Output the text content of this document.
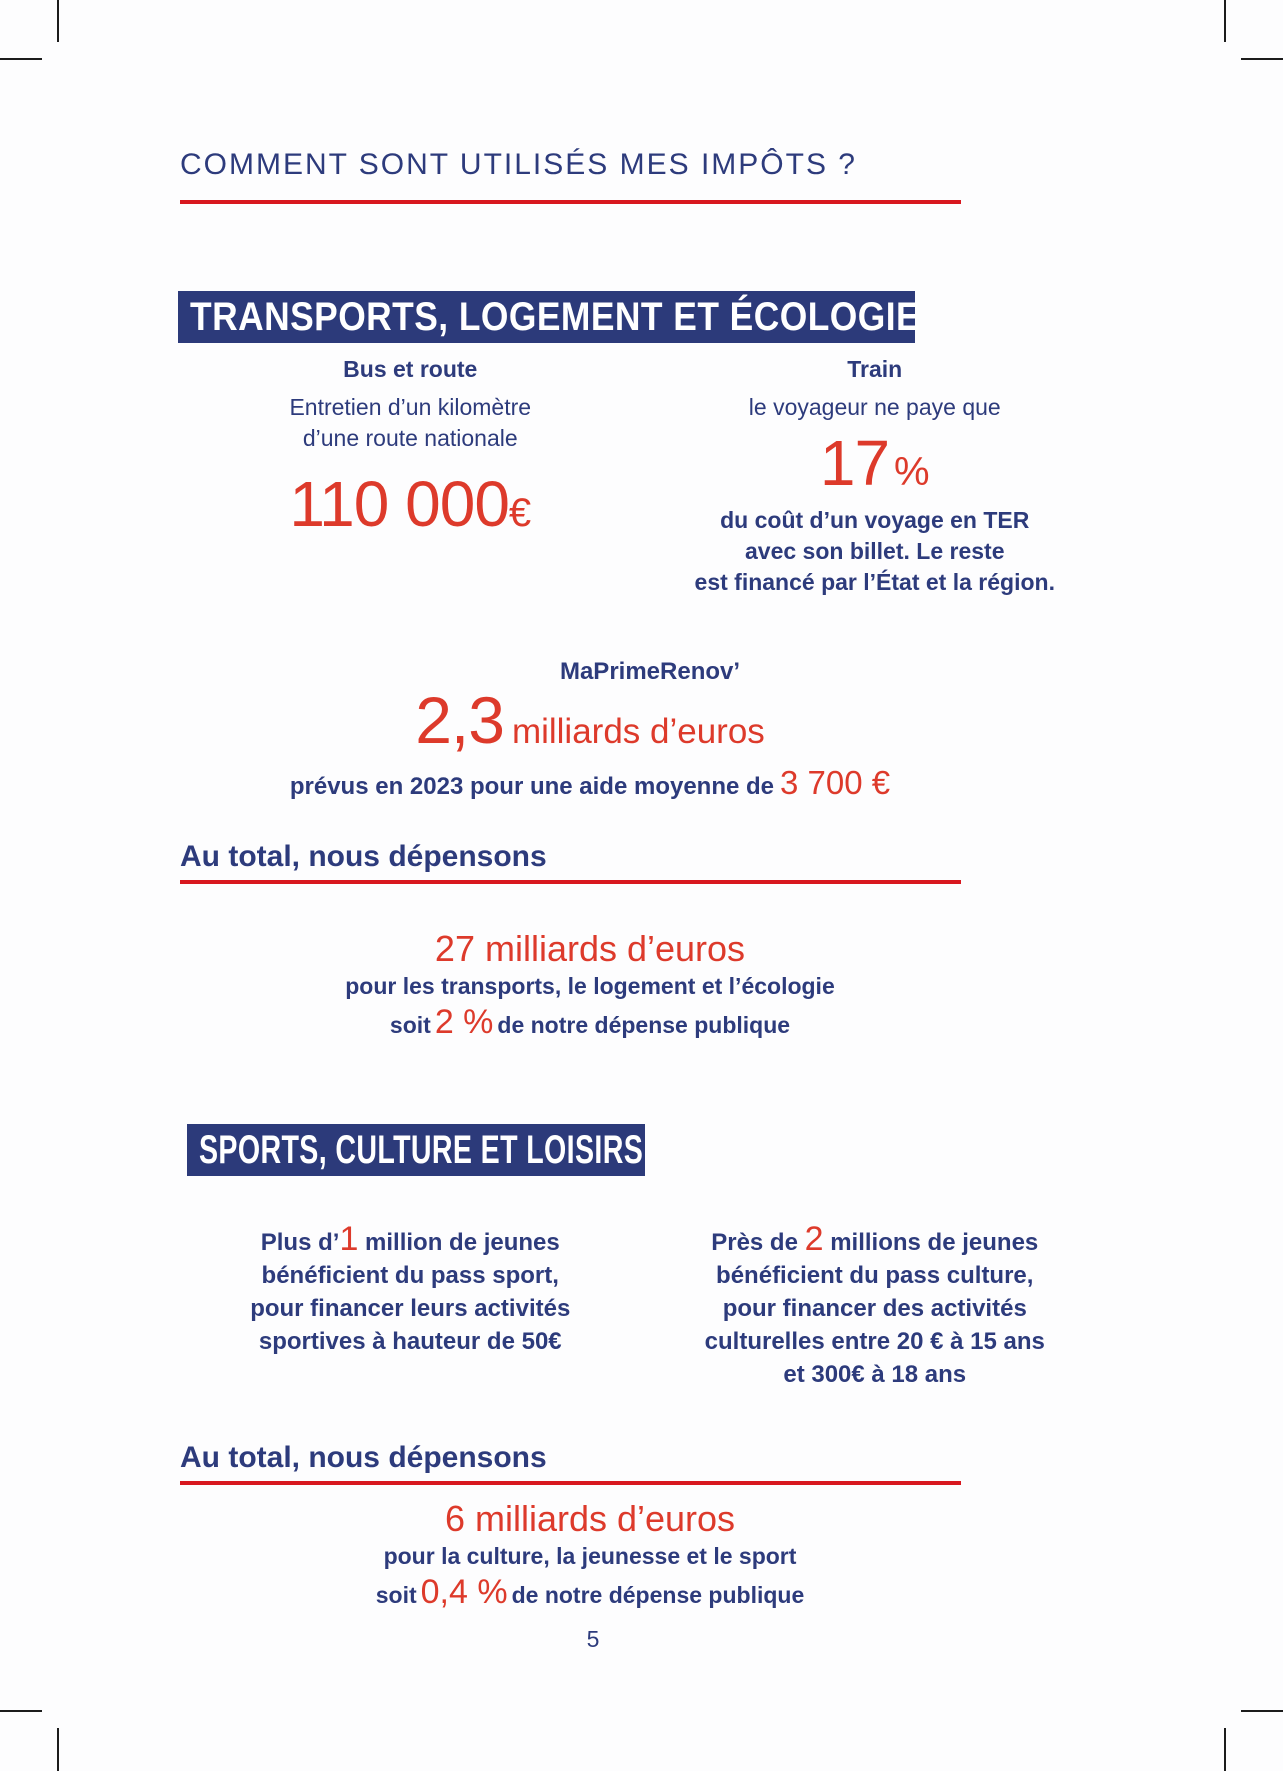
COMMENT SONT UTILISÉS MES IMPÔTS ?
TRANSPORTS, LOGEMENT ET ÉCOLOGIE
Bus et route
Entretien d’un kilomètre
d’une route nationale
110 000€
Train
le voyageur ne paye que
17 %
du coût d’un voyage en TER
avec son billet. Le reste
est financé par l’État et la région.
MaPrimeRenov’
2,3 milliards d’euros
prévus en 2023 pour une aide moyenne de 3 700 €
Au total, nous dépensons
27 milliards d’euros
pour les transports, le logement et l’écologie
soit 2 % de notre dépense publique
SPORTS, CULTURE ET LOISIRS
Plus d’1 million de jeunes
bénéficient du pass sport,
pour financer leurs activités
sportives à hauteur de 50€
Près de 2 millions de jeunes
bénéficient du pass culture,
pour financer des activités
culturelles entre 20 € à 15 ans
et 300€ à 18 ans
Au total, nous dépensons
6 milliards d’euros
pour la culture, la jeunesse et le sport
soit 0,4 % de notre dépense publique
5
